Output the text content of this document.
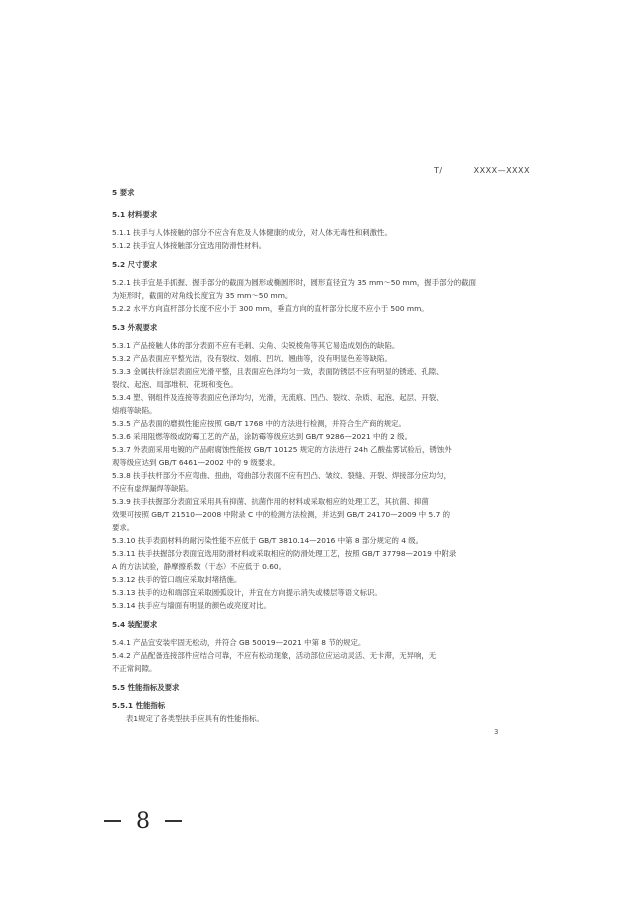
T/	XXXX—XXXX

5 要求

5.1 材料要求

5.1.1 扶手与人体接触的部分不应含有危及人体健康的成分，对人体无毒性和刺激性。

5.1.2 扶手宜人体接触部分宜选用防滑性材料。

5.2 尺寸要求

5.2.1 扶手宜是手抓握、握手部分的截面为圆形或椭圆形时，圆形直径宜为 35 mm～50 mm，握手部分的截面

为矩形时，截面的对角线长度宜为 35 mm～50 mm。

5.2.2 水平方向直杆部分长度不应小于 300 mm，垂直方向的直杆部分长度不应小于 500 mm。

5.3 外观要求

5.3.1 产品接触人体的部分表面不应有毛刺、尖角、尖锐棱角等其它易造成划伤的缺陷。

5.3.2 产品表面应平整光洁，没有裂纹、划痕、凹坑、翘曲等，没有明显色差等缺陷。

5.3.3 金属扶杆涂层表面应光滑平整，且表面应色泽均匀一致，表面防锈层不应有明显的锈迹、孔隙、

裂纹、起泡、局部堆积、花斑和变色。

5.3.4 塑、钢组件及连接等表面应色泽均匀，光滑，无流痕、凹凸、裂纹、杂质、起泡、起层、开裂、

熔痕等缺陷。

5.3.5 产品表面的磨损性能应按照 GB/T 1768 中的方法进行检测，并符合生产商的规定。

5.3.6 采用阻燃等级或防霉工艺的产品，涂防霉等级应达到 GB/T 9286—2021 中的 2 级。

5.3.7 外表面采用电镀的产品耐腐蚀性能按 GB/T 10125 规定的方法进行 24h 乙酸盐雾试验后，锈蚀外

观等级应达到 GB/T 6461—2002 中的 9 级要求。

5.3.8 扶手扶杆部分不应弯曲、扭曲，弯曲部分表面不应有凹凸、皱纹、裂缝、开裂、焊接部分应均匀，

不应有虚焊漏焊等缺陷。

5.3.9 扶手扶握部分表面宜采用具有抑菌、抗菌作用的材料或采取相应的处理工艺，其抗菌、抑菌

效果可按照 GB/T 21510—2008 中附录 C 中的检测方法检测，并达到 GB/T 24170—2009 中 5.7 的

要求。

5.3.10 扶手表面材料的耐污染性能不应低于 GB/T 3810.14—2016 中第 8 部分规定的 4 级。

5.3.11 扶手扶握部分表面宜选用防滑材料或采取相应的防滑处理工艺，按照 GB/T 37798—2019 中附录

A 的方法试验，静摩擦系数（干态）不应低于 0.60。

5.3.12 扶手的管口端应采取封堵措施。

5.3.13 扶手的边和端部宜采取圆弧设计，并宜在方向提示消失或楼层等语文标识。

5.3.14 扶手应与墙面有明显的颜色或亮度对比。

5.4 装配要求

5.4.1 产品宜安装牢固无松动，并符合 GB 50019—2021 中第 8 节的规定。

5.4.2 产品配备连接部件应结合可靠，不应有松动现象，活动部位应运动灵活、无卡滞，无异响，无

不正常间隙。

5.5 性能指标及要求

5.5.1 性能指标

表1规定了各类型扶手应具有的性能指标。

3
8
